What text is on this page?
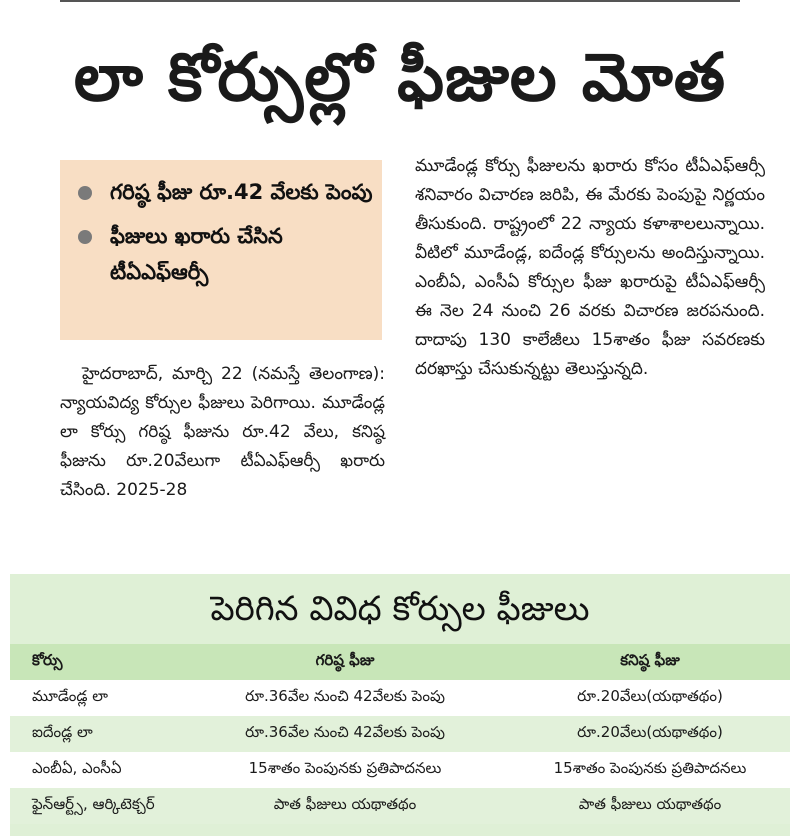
లా కోర్సుల్లో ఫీజుల మోత
గరిష్ఠ ఫీజు రూ.42 వేలకు పెంపు
ఫీజులు ఖరారు చేసిన టీఏఎఫ్ఆర్సీ
హైదరాబాద్, మార్చి 22 (నమస్తే తెలంగాణ): న్యాయవిద్య కోర్సుల ఫీజులు పెరిగాయి. మూడేండ్ల లా కోర్సు గరిష్ఠ ఫీజును రూ.42 వేలు, కనిష్ఠ ఫీజును రూ.20వేలుగా టీఏఎఫ్ఆర్సీ ఖరారు చేసింది. 2025-28
మూడేండ్ల కోర్సు ఫీజులను ఖరారు కోసం టీఏఎఫ్ఆర్సీ శనివారం విచారణ జరిపి, ఈ మేరకు పెంపుపై నిర్ణయం తీసుకుంది. రాష్ట్రంలో 22 న్యాయ కళాశాలలున్నాయి. వీటిలో మూడేండ్ల, ఐదేండ్ల కోర్సులను అందిస్తున్నాయి. ఎంబీఏ, ఎంసీఏ కోర్సుల ఫీజు ఖరారుపై టీఏఎఫ్ఆర్సీ ఈ నెల 24 నుంచి 26 వరకు విచారణ జరపనుంది. దాదాపు 130 కాలేజీలు 15శాతం ఫీజు సవరణకు దరఖాస్తు చేసుకున్నట్టు తెలుస్తున్నది.
పెరిగిన వివిధ కోర్సుల ఫీజులు
కోర్సు	గరిష్ఠ ఫీజు	కనిష్ఠ ఫీజు
మూడేండ్ల లా	రూ.36వేల నుంచి 42వేలకు పెంపు	రూ.20వేలు(యథాతథం)
ఐదేండ్ల లా	రూ.36వేల నుంచి 42వేలకు పెంపు	రూ.20వేలు(యథాతథం)
ఎంబీఏ, ఎంసీఏ	15శాతం పెంపునకు ప్రతిపాదనలు	15శాతం పెంపునకు ప్రతిపాదనలు
ఫైన్ఆర్ట్స్, ఆర్కిటెక్చర్	పాత ఫీజులు యథాతథం	పాత ఫీజులు యథాతథం
